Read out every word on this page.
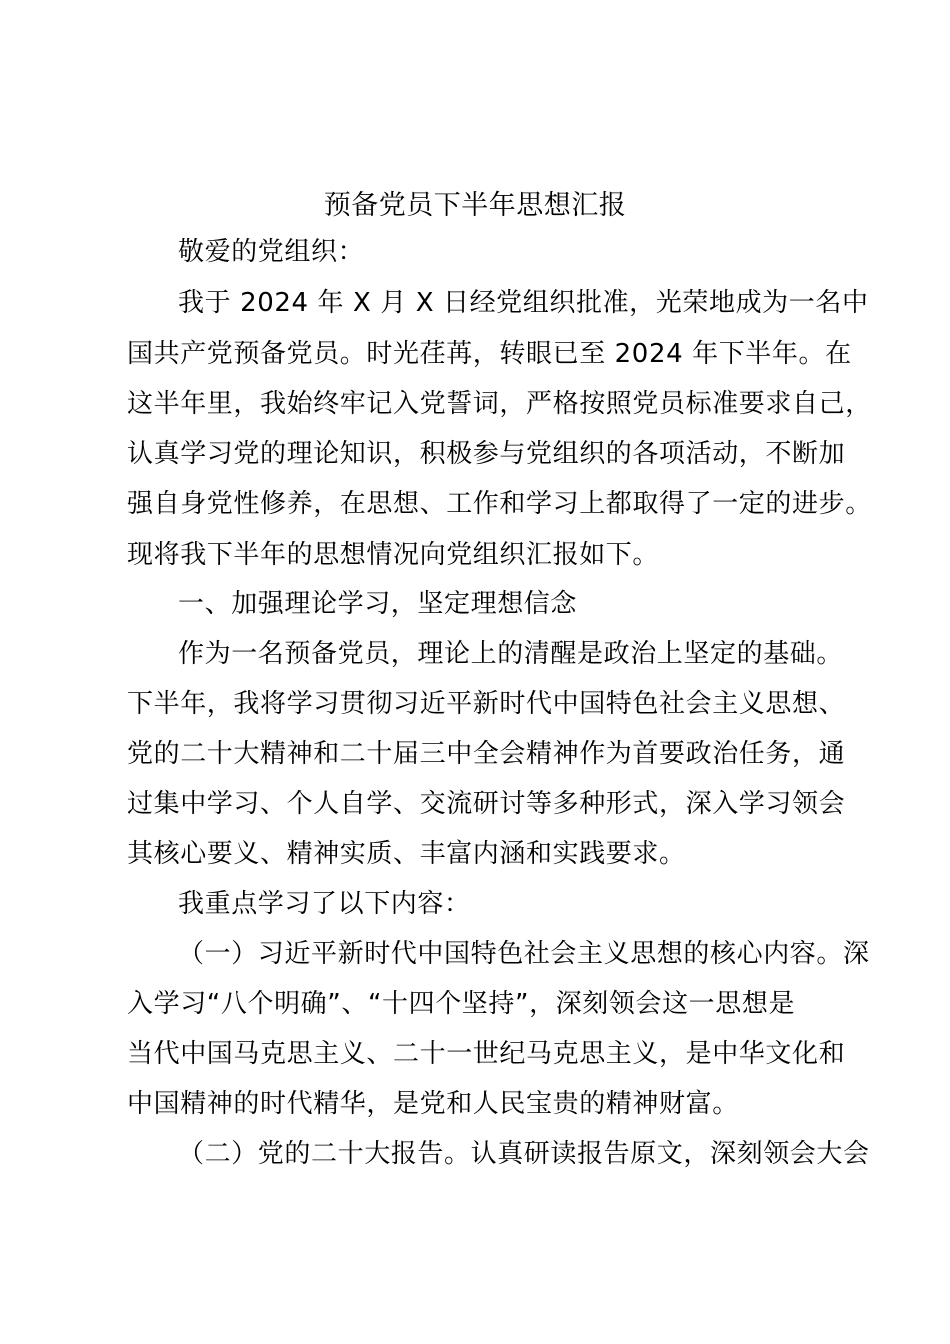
预备党员下半年思想汇报
敬爱的党组织：
我于 2024 年 X 月 X 日经党组织批准，光荣地成为一名中
国共产党预备党员。时光荏苒，转眼已至 2024 年下半年。在
这半年里，我始终牢记入党誓词，严格按照党员标准要求自己，
认真学习党的理论知识，积极参与党组织的各项活动，不断加
强自身党性修养，在思想、工作和学习上都取得了一定的进步。
现将我下半年的思想情况向党组织汇报如下。
一、加强理论学习，坚定理想信念
作为一名预备党员，理论上的清醒是政治上坚定的基础。
下半年，我将学习贯彻习近平新时代中国特色社会主义思想、
党的二十大精神和二十届三中全会精神作为首要政治任务，通
过集中学习、个人自学、交流研讨等多种形式，深入学习领会
其核心要义、精神实质、丰富内涵和实践要求。
我重点学习了以下内容：
（一）习近平新时代中国特色社会主义思想的核心内容。深
入学习“八个明确”、“十四个坚持”，深刻领会这一思想是
当代中国马克思主义、二十一世纪马克思主义，是中华文化和
中国精神的时代精华，是党和人民宝贵的精神财富。
（二）党的二十大报告。认真研读报告原文，深刻领会大会
